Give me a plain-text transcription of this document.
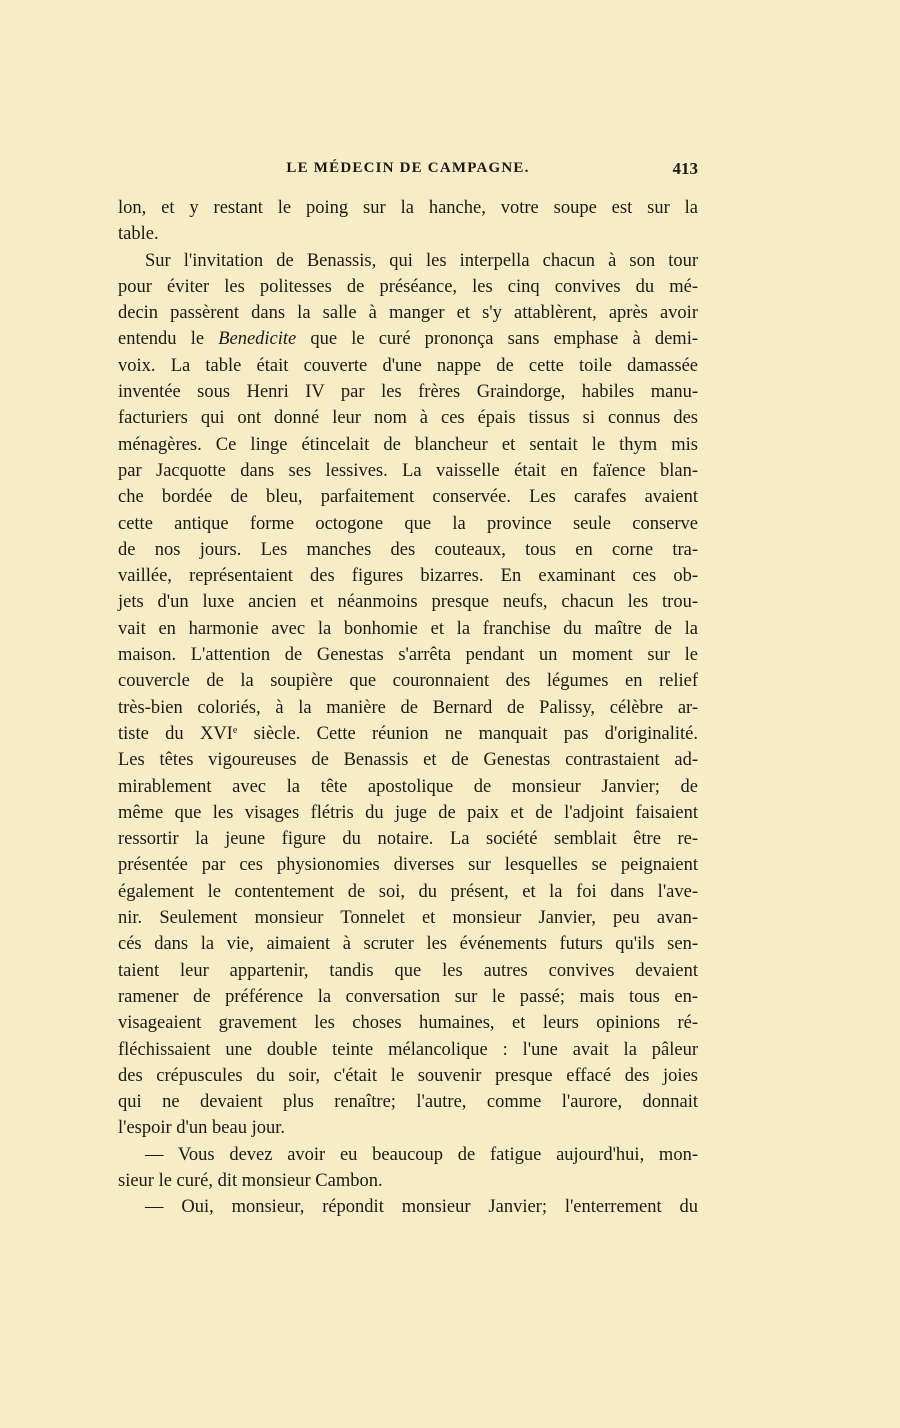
LE MÉDECIN DE CAMPAGNE.	413
lon, et y restant le poing sur la hanche, votre soupe est sur la
table.
Sur l'invitation de Benassis, qui les interpella chacun à son tour
pour éviter les politesses de préséance, les cinq convives du mé-
decin passèrent dans la salle à manger et s'y attablèrent, après avoir
entendu le Benedicite que le curé prononça sans emphase à demi-
voix. La table était couverte d'une nappe de cette toile damassée
inventée sous Henri IV par les frères Graindorge, habiles manu-
facturiers qui ont donné leur nom à ces épais tissus si connus des
ménagères. Ce linge étincelait de blancheur et sentait le thym mis
par Jacquotte dans ses lessives. La vaisselle était en faïence blan-
che bordée de bleu, parfaitement conservée. Les carafes avaient
cette antique forme octogone que la province seule conserve
de nos jours. Les manches des couteaux, tous en corne tra-
vaillée, représentaient des figures bizarres. En examinant ces ob-
jets d'un luxe ancien et néanmoins presque neufs, chacun les trou-
vait en harmonie avec la bonhomie et la franchise du maître de la
maison. L'attention de Genestas s'arrêta pendant un moment sur le
couvercle de la soupière que couronnaient des légumes en relief
très-bien coloriés, à la manière de Bernard de Palissy, célèbre ar-
tiste du XVIe siècle. Cette réunion ne manquait pas d'originalité.
Les têtes vigoureuses de Benassis et de Genestas contrastaient ad-
mirablement avec la tête apostolique de monsieur Janvier; de
même que les visages flétris du juge de paix et de l'adjoint faisaient
ressortir la jeune figure du notaire. La société semblait être re-
présentée par ces physionomies diverses sur lesquelles se peignaient
également le contentement de soi, du présent, et la foi dans l'ave-
nir. Seulement monsieur Tonnelet et monsieur Janvier, peu avan-
cés dans la vie, aimaient à scruter les événements futurs qu'ils sen-
taient leur appartenir, tandis que les autres convives devaient
ramener de préférence la conversation sur le passé; mais tous en-
visageaient gravement les choses humaines, et leurs opinions ré-
fléchissaient une double teinte mélancolique : l'une avait la pâleur
des crépuscules du soir, c'était le souvenir presque effacé des joies
qui ne devaient plus renaître; l'autre, comme l'aurore, donnait
l'espoir d'un beau jour.
— Vous devez avoir eu beaucoup de fatigue aujourd'hui, mon-
sieur le curé, dit monsieur Cambon.
— Oui, monsieur, répondit monsieur Janvier; l'enterrement du
